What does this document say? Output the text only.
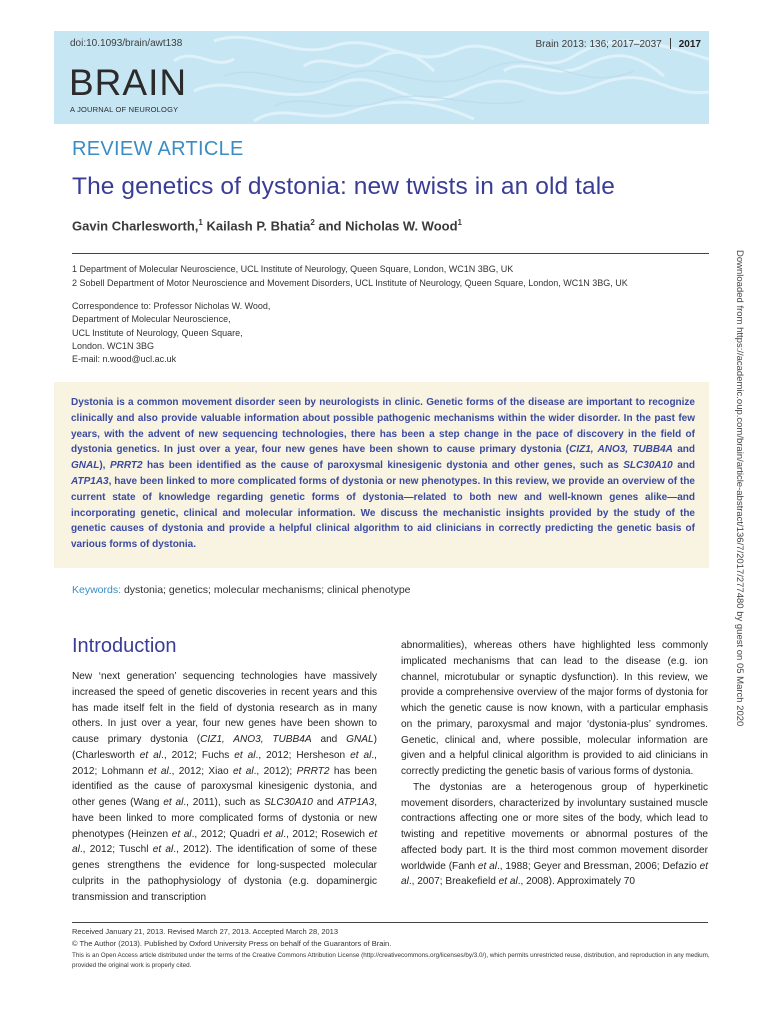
doi:10.1093/brain/awt138	Brain 2013: 136; 2017–2037 2017
BRAIN
A JOURNAL OF NEUROLOGY
REVIEW ARTICLE
The genetics of dystonia: new twists in an old tale
Gavin Charlesworth,$^1$ Kailash P. Bhatia$^2$ and Nicholas W. Wood$^1$
1 Department of Molecular Neuroscience, UCL Institute of Neurology, Queen Square, London, WC1N 3BG, UK
2 Sobell Department of Motor Neuroscience and Movement Disorders, UCL Institute of Neurology, Queen Square, London, WC1N 3BG, UK
Correspondence to: Professor Nicholas W. Wood,
Department of Molecular Neuroscience,
UCL Institute of Neurology, Queen Square,
London. WC1N 3BG
E-mail: n.wood@ucl.ac.uk

Dystonia is a common movement disorder seen by neurologists in clinic. Genetic forms of the disease are important to recognize clinically and also provide valuable information about possible pathogenic mechanisms within the wider disorder. In the past few years, with the advent of new sequencing technologies, there has been a step change in the pace of discovery in the field of dystonia genetics. In just over a year, four new genes have been shown to cause primary dystonia (CIZ1, ANO3, TUBB4A and GNAL), PRRT2 has been identified as the cause of paroxysmal kinesigenic dystonia and other genes, such as SLC30A10 and ATP1A3, have been linked to more complicated forms of dystonia or new phenotypes. In this review, we provide an overview of the current state of knowledge regarding genetic forms of dystonia—related to both new and well-known genes alike—and incorporating genetic, clinical and molecular information. We discuss the mechanistic insights provided by the study of the genetic causes of dystonia and provide a helpful clinical algorithm to aid clinicians in correctly predicting the genetic basis of various forms of dystonia.

Keywords: dystonia; genetics; molecular mechanisms; clinical phenotype	Downloaded from https://academic.oup.com/brain/article-abstract/136/7/2017/277480 by guest on 05 March 2020
Introduction

New ‘next generation’ sequencing technologies have massively increased the speed of genetic discoveries in recent years and this has made itself felt in the field of dystonia research as in many others. In just over a year, four new genes have been shown to cause primary dystonia (CIZ1, ANO3, TUBB4A and GNAL) (Charlesworth et al., 2012; Fuchs et al., 2012; Hersheson et al., 2012; Lohmann et al., 2012; Xiao et al., 2012); PRRT2 has been identified as the cause of paroxysmal kinesigenic dystonia, and other genes (Wang et al., 2011), such as SLC30A10 and ATP1A3, have been linked to more complicated forms of dystonia or new phenotypes (Heinzen et al., 2012; Quadri et al., 2012; Rosewich et al., 2012; Tuschl et al., 2012). The identification of some of these genes strengthens the evidence for long-suspected molecular culprits in the pathophysiology of dystonia (e.g. dopaminergic transmission and transcription

abnormalities), whereas others have highlighted less commonly implicated mechanisms that can lead to the disease (e.g. ion channel, microtubular or synaptic dysfunction). In this review, we provide a comprehensive overview of the major forms of dystonia for which the genetic cause is now known, with a particular emphasis on the primary, paroxysmal and major ‘dystonia-plus’ syndromes. Genetic, clinical and, where possible, molecular information are given and a helpful clinical algorithm is provided to aid clinicians in correctly predicting the genetic basis of various forms of dystonia.

The dystonias are a heterogenous group of hyperkinetic movement disorders, characterized by involuntary sustained muscle contractions affecting one or more sites of the body, which lead to twisting and repetitive movements or abnormal postures of the affected body part. It is the third most common movement disorder worldwide (Fanh et al., 1988; Geyer and Bressman, 2006; Defazio et al., 2007; Breakefield et al., 2008). Approximately 70

Received January 21, 2013. Revised March 27, 2013. Accepted March 28, 2013
© The Author (2013). Published by Oxford University Press on behalf of the Guarantors of Brain.
This is an Open Access article distributed under the terms of the Creative Commons Attribution License (http://creativecommons.org/licenses/by/3.0/), which permits unrestricted reuse, distribution, and reproduction in any medium, provided the original work is properly cited.
